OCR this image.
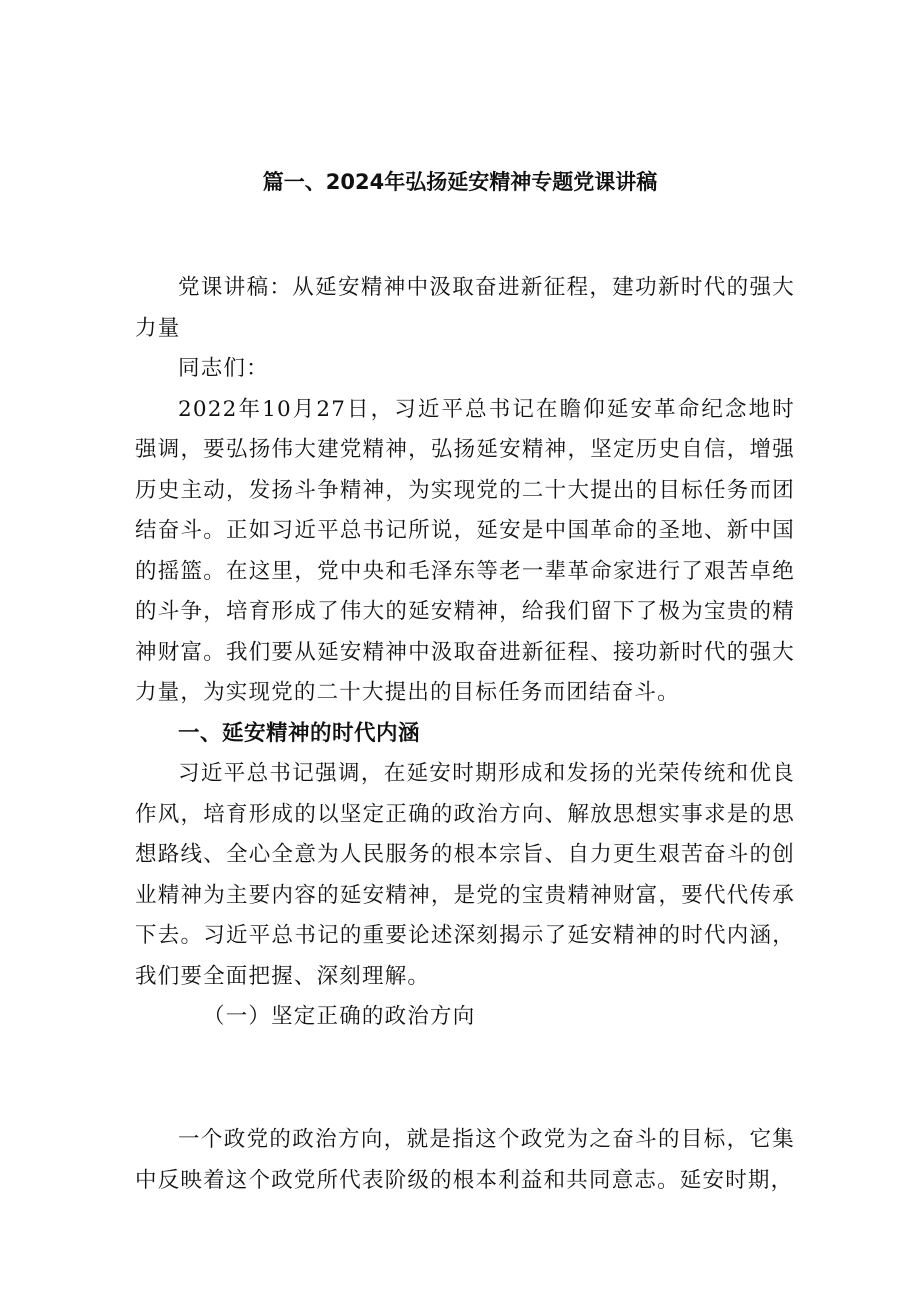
篇一、2024年弘扬延安精神专题党课讲稿

党课讲稿：从延安精神中汲取奋进新征程，建功新时代的强大力量

同志们：

2022年10月27日，习近平总书记在瞻仰延安革命纪念地时强调，要弘扬伟大建党精神，弘扬延安精神，坚定历史自信，增强历史主动，发扬斗争精神，为实现党的二十大提出的目标任务而团结奋斗。正如习近平总书记所说，延安是中国革命的圣地、新中国的摇篮。在这里，党中央和毛泽东等老一辈革命家进行了艰苦卓绝的斗争，培育形成了伟大的延安精神，给我们留下了极为宝贵的精神财富。我们要从延安精神中汲取奋进新征程、接功新时代的强大力量，为实现党的二十大提出的目标任务而团结奋斗。

一、延安精神的时代内涵

习近平总书记强调，在延安时期形成和发扬的光荣传统和优良作风，培育形成的以坚定正确的政治方向、解放思想实事求是的思想路线、全心全意为人民服务的根本宗旨、自力更生艰苦奋斗的创业精神为主要内容的延安精神，是党的宝贵精神财富，要代代传承下去。习近平总书记的重要论述深刻揭示了延安精神的时代内涵，我们要全面把握、深刻理解。

（一）坚定正确的政治方向

一个政党的政治方向，就是指这个政党为之奋斗的目标，它集中反映着这个政党所代表阶级的根本利益和共同意志。延安时期，
